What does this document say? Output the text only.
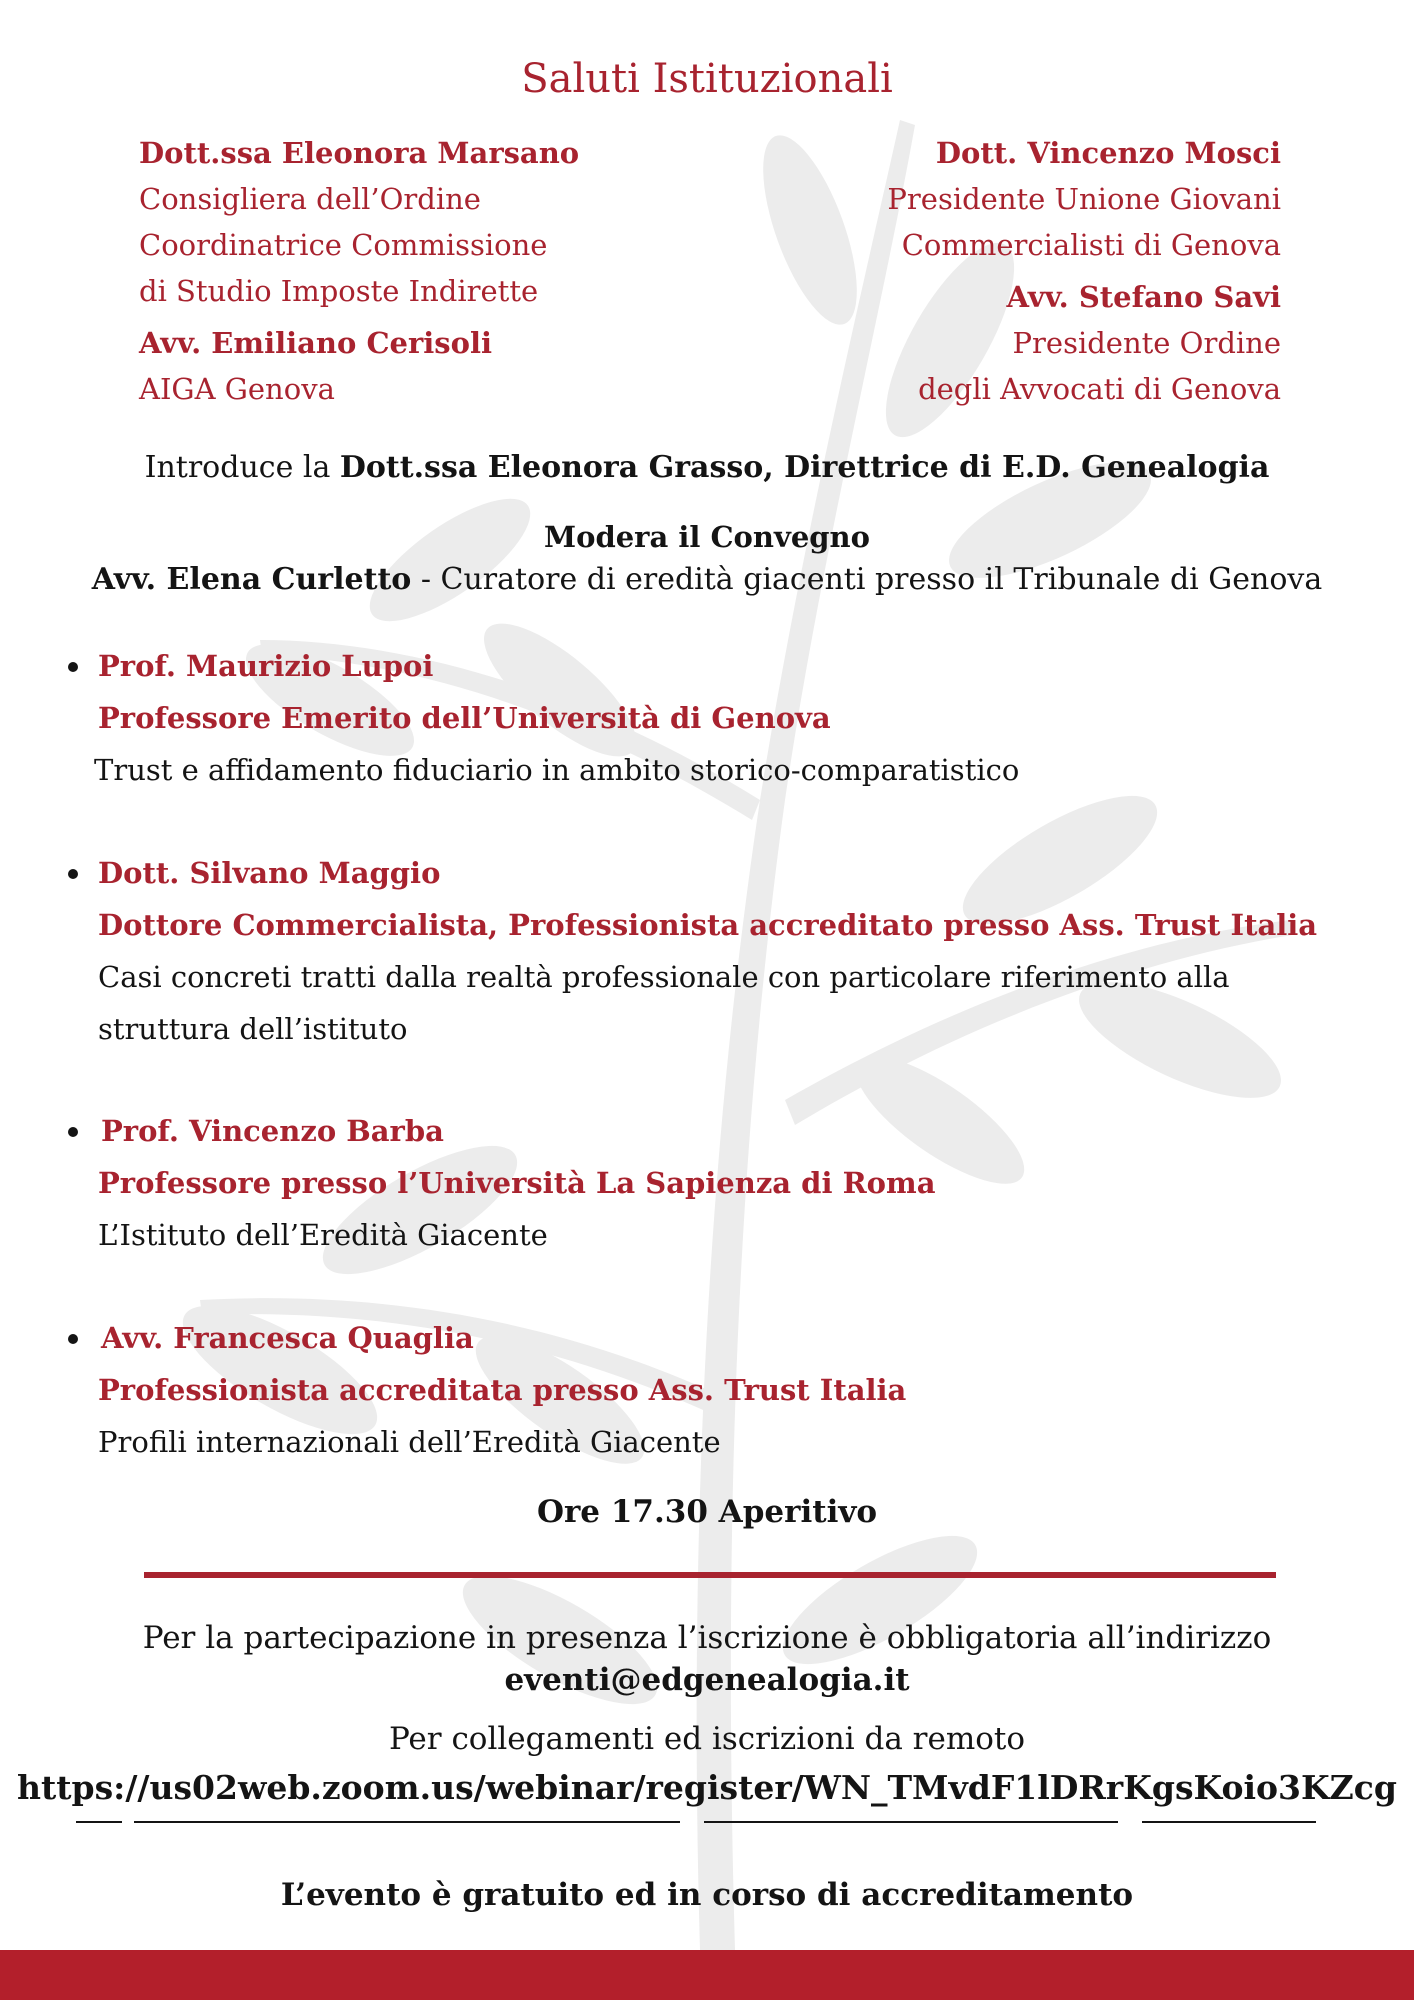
Saluti Istituzionali
Dott.ssa Eleonora Marsano
Consigliera dell’Ordine
Coordinatrice Commissione
di Studio Imposte Indirette
Avv. Emiliano Cerisoli
AIGA Genova
Dott. Vincenzo Mosci
Presidente Unione Giovani
Commercialisti di Genova
Avv. Stefano Savi
Presidente Ordine
degli Avvocati di Genova
Introduce la Dott.ssa Eleonora Grasso, Direttrice di E.D. Genealogia
Modera il Convegno
Avv. Elena Curletto - Curatore di eredità giacenti presso il Tribunale di Genova
Prof. Maurizio Lupoi
Professore Emerito dell’Università di Genova
Trust e affidamento fiduciario in ambito storico-comparatistico
Dott. Silvano Maggio
Dottore Commercialista, Professionista accreditato presso Ass. Trust Italia
Casi concreti tratti dalla realtà professionale con particolare riferimento alla
struttura dell’istituto
Prof. Vincenzo Barba
Professore presso l’Università La Sapienza di Roma
L’Istituto dell’Eredità Giacente
Avv. Francesca Quaglia
Professionista accreditata presso Ass. Trust Italia
Profili internazionali dell’Eredità Giacente
Ore 17.30 Aperitivo
Per la partecipazione in presenza l’iscrizione è obbligatoria all’indirizzo
eventi@edgenealogia.it
Per collegamenti ed iscrizioni da remoto
https://us02web.zoom.us/webinar/register/WN_TMvdF1lDRrKgsKoio3KZcg
L’evento è gratuito ed in corso di accreditamento
